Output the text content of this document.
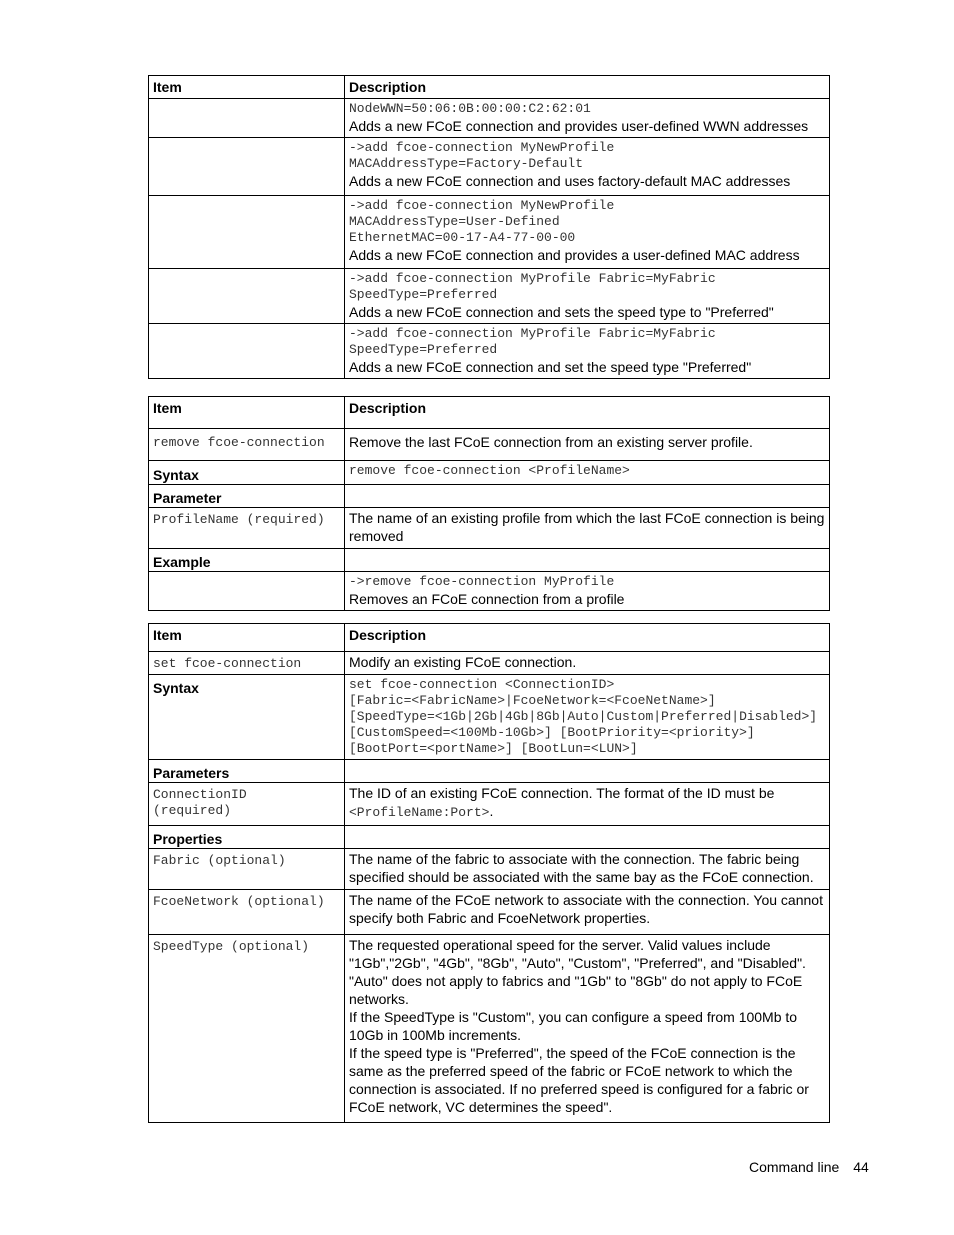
Item	Description

	NodeWWN=50:06:0B:00:00:C2:62:01
Adds a new FCoE connection and provides user-defined WWN addresses

	->add fcoe-connection MyNewProfile
MACAddressType=Factory-Default
Adds a new FCoE connection and uses factory-default MAC addresses

	->add fcoe-connection MyNewProfile
MACAddressType=User-Defined
EthernetMAC=00-17-A4-77-00-00
Adds a new FCoE connection and provides a user-defined MAC address

	->add fcoe-connection MyProfile Fabric=MyFabric
SpeedType=Preferred
Adds a new FCoE connection and sets the speed type to "Preferred"

	->add fcoe-connection MyProfile Fabric=MyFabric
SpeedType=Preferred
Adds a new FCoE connection and set the speed type "Preferred"
Item	Description

remove fcoe-connection	Remove the last FCoE connection from an existing server profile.
Syntax	remove fcoe-connection <ProfileName>

Parameter	

ProfileName (required)	The name of an existing profile from which the last FCoE connection is being removed
Example	

	->remove fcoe-connection MyProfile
Removes an FCoE connection from a profile
Item	Description

set fcoe-connection	Modify an existing FCoE connection.
Syntax	set fcoe-connection <ConnectionID>
[Fabric=<FabricName>|FcoeNetwork=<FcoeNetName>]
[SpeedType=<1Gb|2Gb|4Gb|8Gb|Auto|Custom|Preferred|Disabled>] [CustomSpeed=<100Mb-10Gb>] [BootPriority=<priority>]
[BootPort=<portName>] [BootLun=<LUN>]

Parameters	

ConnectionID
(required)	The ID of an existing FCoE connection. The format of the ID must be
<ProfileName:Port>.
Properties	

Fabric (optional)	The name of the fabric to associate with the connection. The fabric being specified should be associated with the same bay as the FCoE connection.

FcoeNetwork (optional)	The name of the FCoE network to associate with the connection. You cannot specify both Fabric and FcoeNetwork properties.

SpeedType (optional)	The requested operational speed for the server. Valid values include "1Gb","2Gb", "4Gb", "8Gb", "Auto", "Custom", "Preferred", and "Disabled". "Auto" does not apply to fabrics and "1Gb" to "8Gb" do not apply to FCoE networks.
If the SpeedType is "Custom", you can configure a speed from 100Mb to 10Gb in 100Mb increments.
If the speed type is "Preferred", the speed of the FCoE connection is the same as the preferred speed of the fabric or FCoE network to which the connection is associated. If no preferred speed is configured for a fabric or FCoE network, VC determines the speed".
Command line 44
